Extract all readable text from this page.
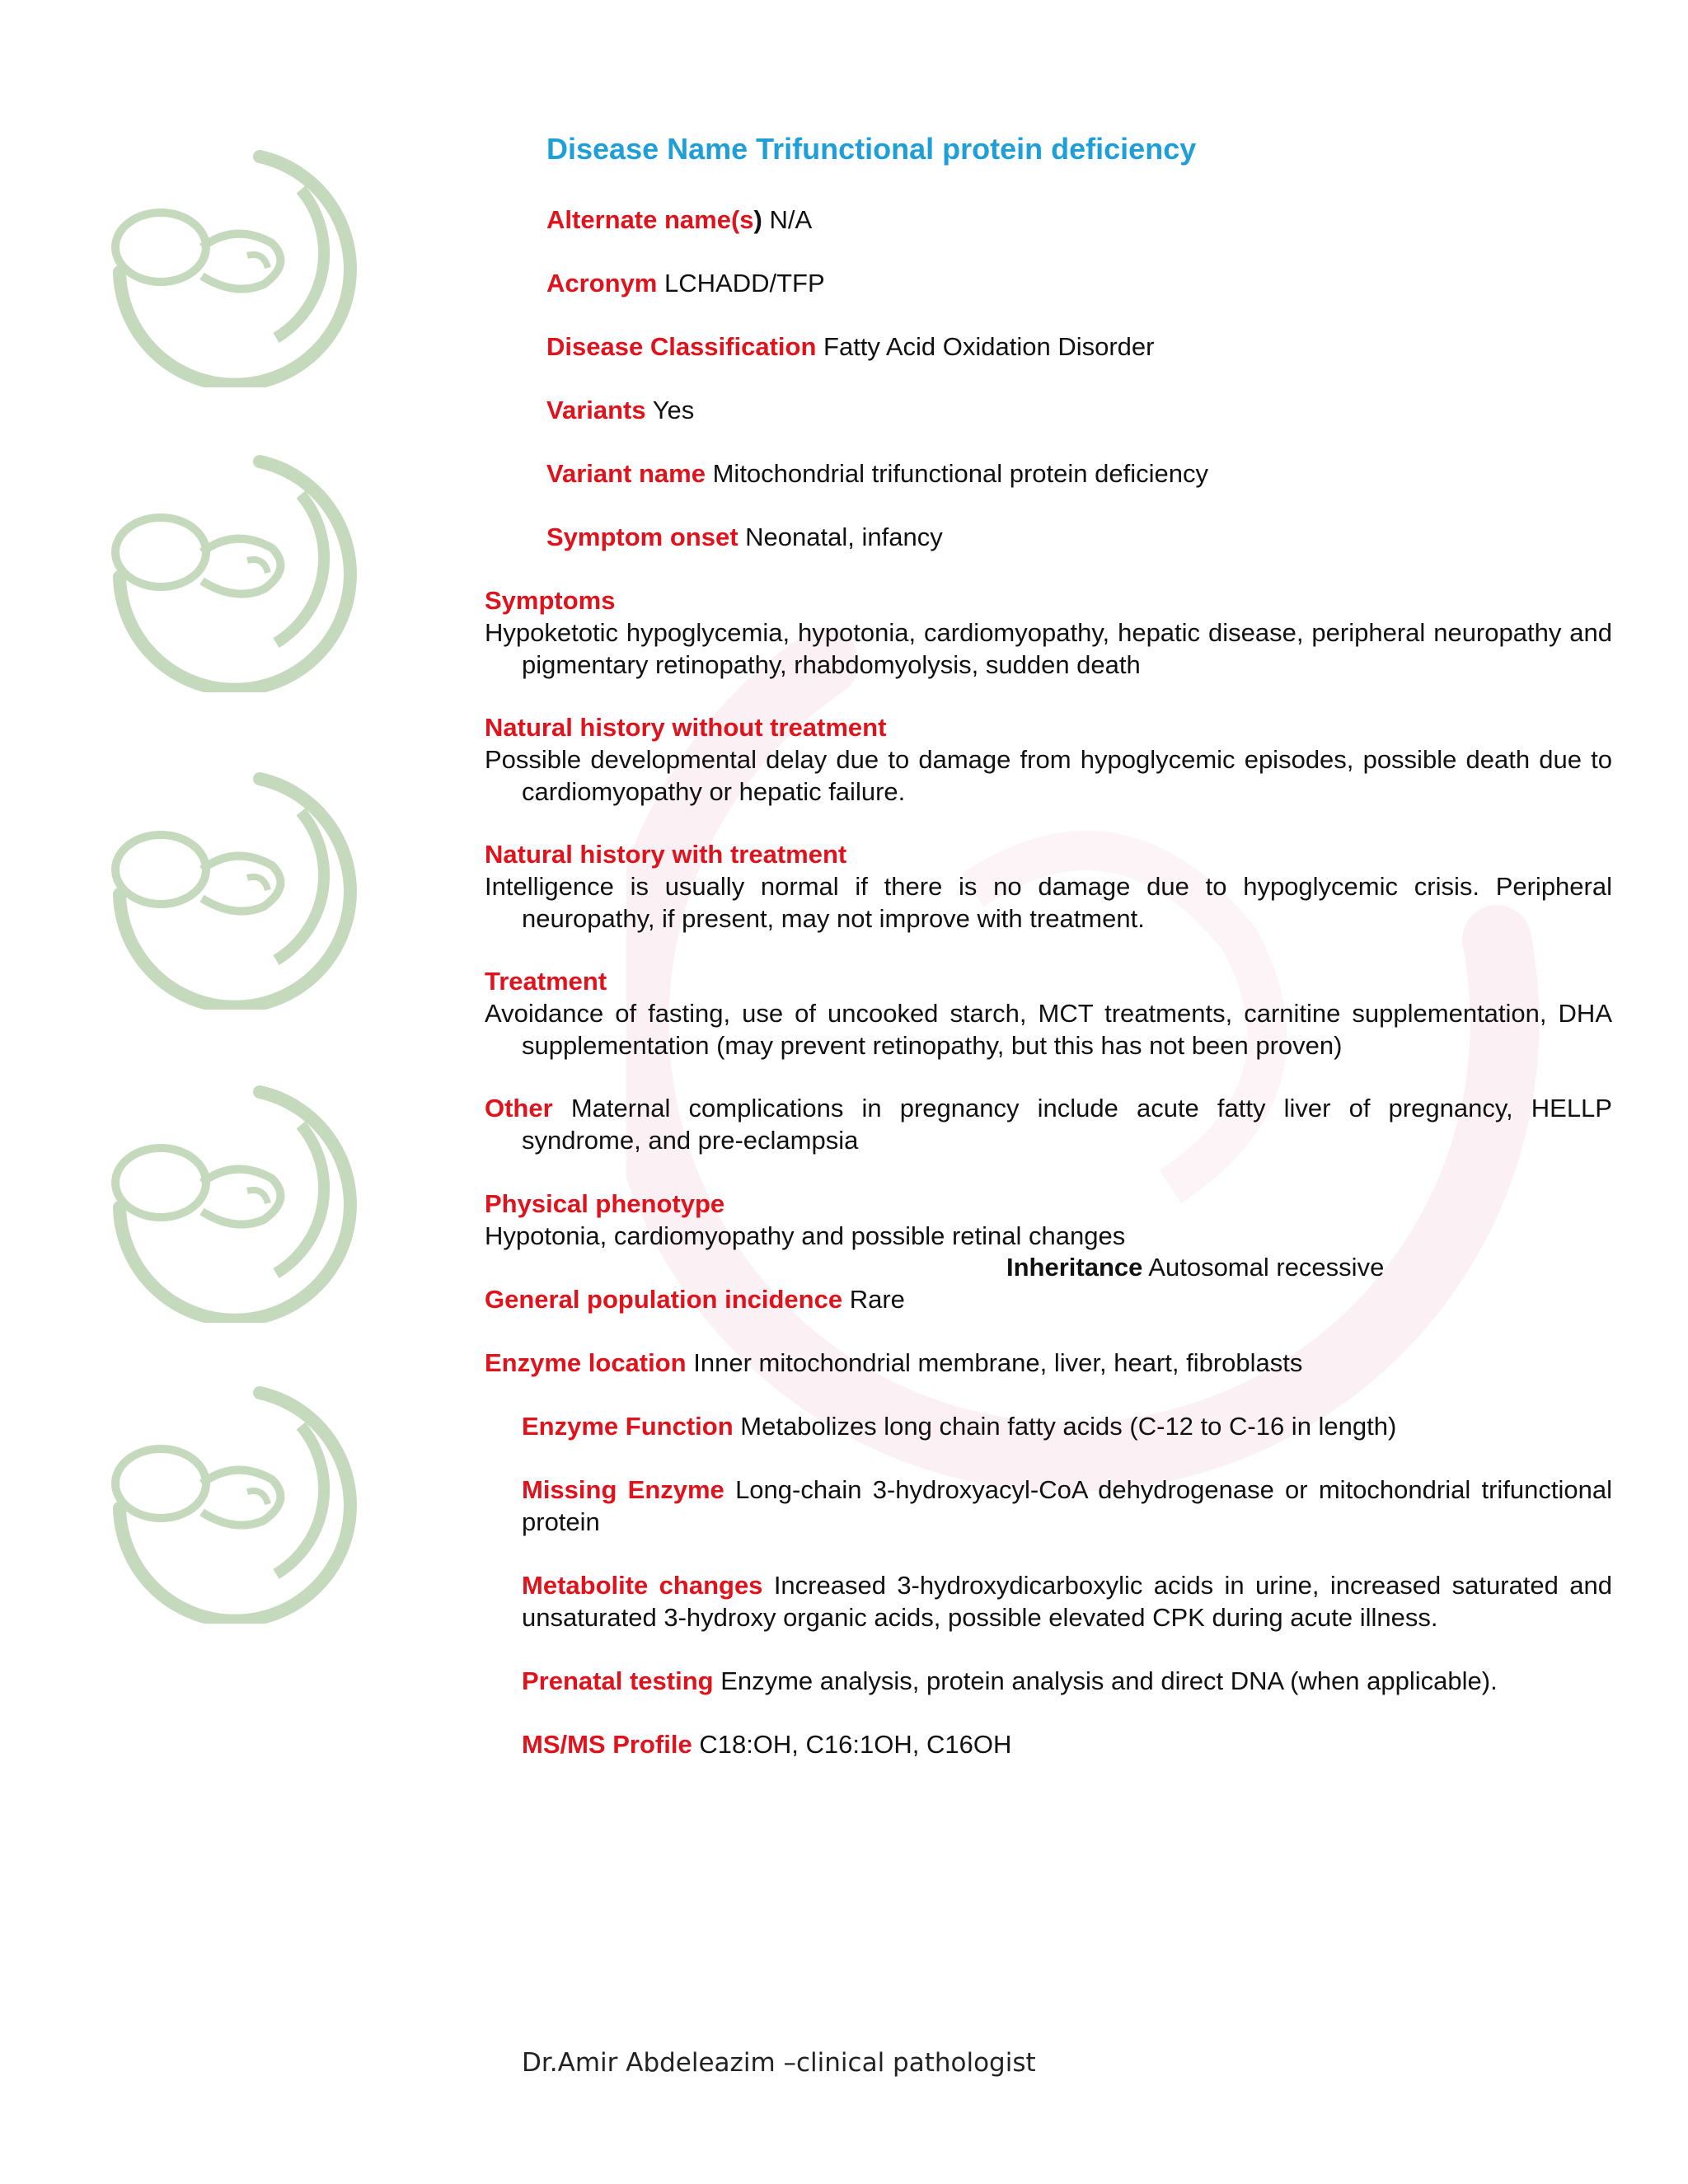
Disease Name Trifunctional protein deficiency
Alternate name(s) N/A
Acronym LCHADD/TFP
Disease Classification Fatty Acid Oxidation Disorder
Variants Yes
Variant name Mitochondrial trifunctional protein deficiency
Symptom onset Neonatal, infancy
Symptoms
Hypoketotic hypoglycemia, hypotonia, cardiomyopathy, hepatic disease, peripheral neuropathy and pigmentary retinopathy, rhabdomyolysis, sudden death
Natural history without treatment
Possible developmental delay due to damage from hypoglycemic episodes, possible death due to cardiomyopathy or hepatic failure.
Natural history with treatment
Intelligence is usually normal if there is no damage due to hypoglycemic crisis. Peripheral neuropathy, if present, may not improve with treatment.
Treatment
Avoidance of fasting, use of uncooked starch, MCT treatments, carnitine supplementation, DHA supplementation (may prevent retinopathy, but this has not been proven)
Other Maternal complications in pregnancy include acute fatty liver of pregnancy, HELLP syndrome, and pre-eclampsia
Physical phenotype
Hypotonia, cardiomyopathy and possible retinal changes
Inheritance Autosomal recessive
General population incidence Rare
Enzyme location Inner mitochondrial membrane, liver, heart, fibroblasts
Enzyme Function Metabolizes long chain fatty acids (C-12 to C-16 in length)
Missing Enzyme Long-chain 3-hydroxyacyl-CoA dehydrogenase or mitochondrial trifunctional protein
Metabolite changes Increased 3-hydroxydicarboxylic acids in urine, increased saturated and unsaturated 3-hydroxy organic acids, possible elevated CPK during acute illness.
Prenatal testing Enzyme analysis, protein analysis and direct DNA (when applicable).
MS/MS Profile C18:OH, C16:1OH, C16OH
Dr.Amir Abdeleazim –clinical pathologist
